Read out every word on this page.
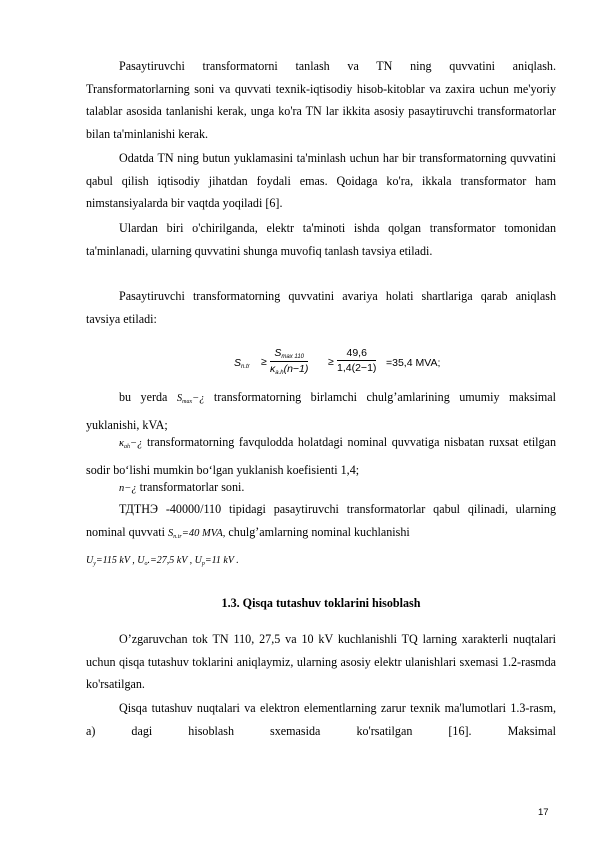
Pasaytiruvchi transformatorni tanlash va TN ning quvvatini aniqlash. Transformatorlarning soni va quvvati texnik-iqtisodiy hisob-kitoblar va zaxira uchun me'yoriy talablar asosida tanlanishi kerak, unga ko'ra TN lar ikkita asosiy pasaytiruvchi transformatorlar bilan ta'minlanishi kerak.

Odatda TN ning butun yuklamasini ta'minlash uchun har bir transformatorning quvvatini qabul qilish iqtisodiy jihatdan foydali emas. Qoidaga ko'ra, ikkala transformator ham nimstansiyalarda bir vaqtda yoqiladi [6].

Ulardan biri o'chirilganda, elektr ta'minoti ishda qolgan transformator tomonidan ta'minlanadi, ularning quvvatini shunga muvofiq tanlash tavsiya etiladi.

Pasaytiruvchi transformatorning quvvatini avariya holati shartlariga qarab aniqlash tavsiya etiladi:

$S_{n.tr}$ ≥
$S_{max 110}$
$\kappa_{a.h}(n-1)$
≥ $\frac{49,6}{1,4(2-1)} =35,4$ MVA;

bu yerda $S_{max}-¿$ transformatorning birlamchi chulg’amlarining umumiy maksimal yuklanishi, kVA;

$\kappa_{ah}-¿$ transformatorning favqulodda holatdagi nominal quvvatiga nisbatan ruxsat etilgan sodir bo‘lishi mumkin bo‘lgan yuklanish koefisienti 1,4;

n−¿ transformatorlar soni.

ТДТНЭ -40000/110 tipidagi pasaytiruvchi transformatorlar qabul qilinadi, ularning nominal quvvati $S_{n.tr}=40$ MVA, chulg’amlarning nominal kuchlanishi
$U_y=115$ kV , $U_o.=27,5$ kV , $U_p=11$ kV .

1.3. Qisqa tutashuv toklarini hisoblash

O’zgaruvchan tok TN 110, 27,5 va 10 kV kuchlanishli TQ larning xarakterli nuqtalari uchun qisqa tutashuv toklarini aniqlaymiz, ularning asosiy elektr ulanishlari sxemasi 1.2-rasmda ko'rsatilgan.

Qisqa tutashuv nuqtalari va elektron elementlarning zarur texnik ma'lumotlari 1.3-rasm, a) dagi hisoblash sxemasida ko'rsatilgan [16]. Maksimal

17
